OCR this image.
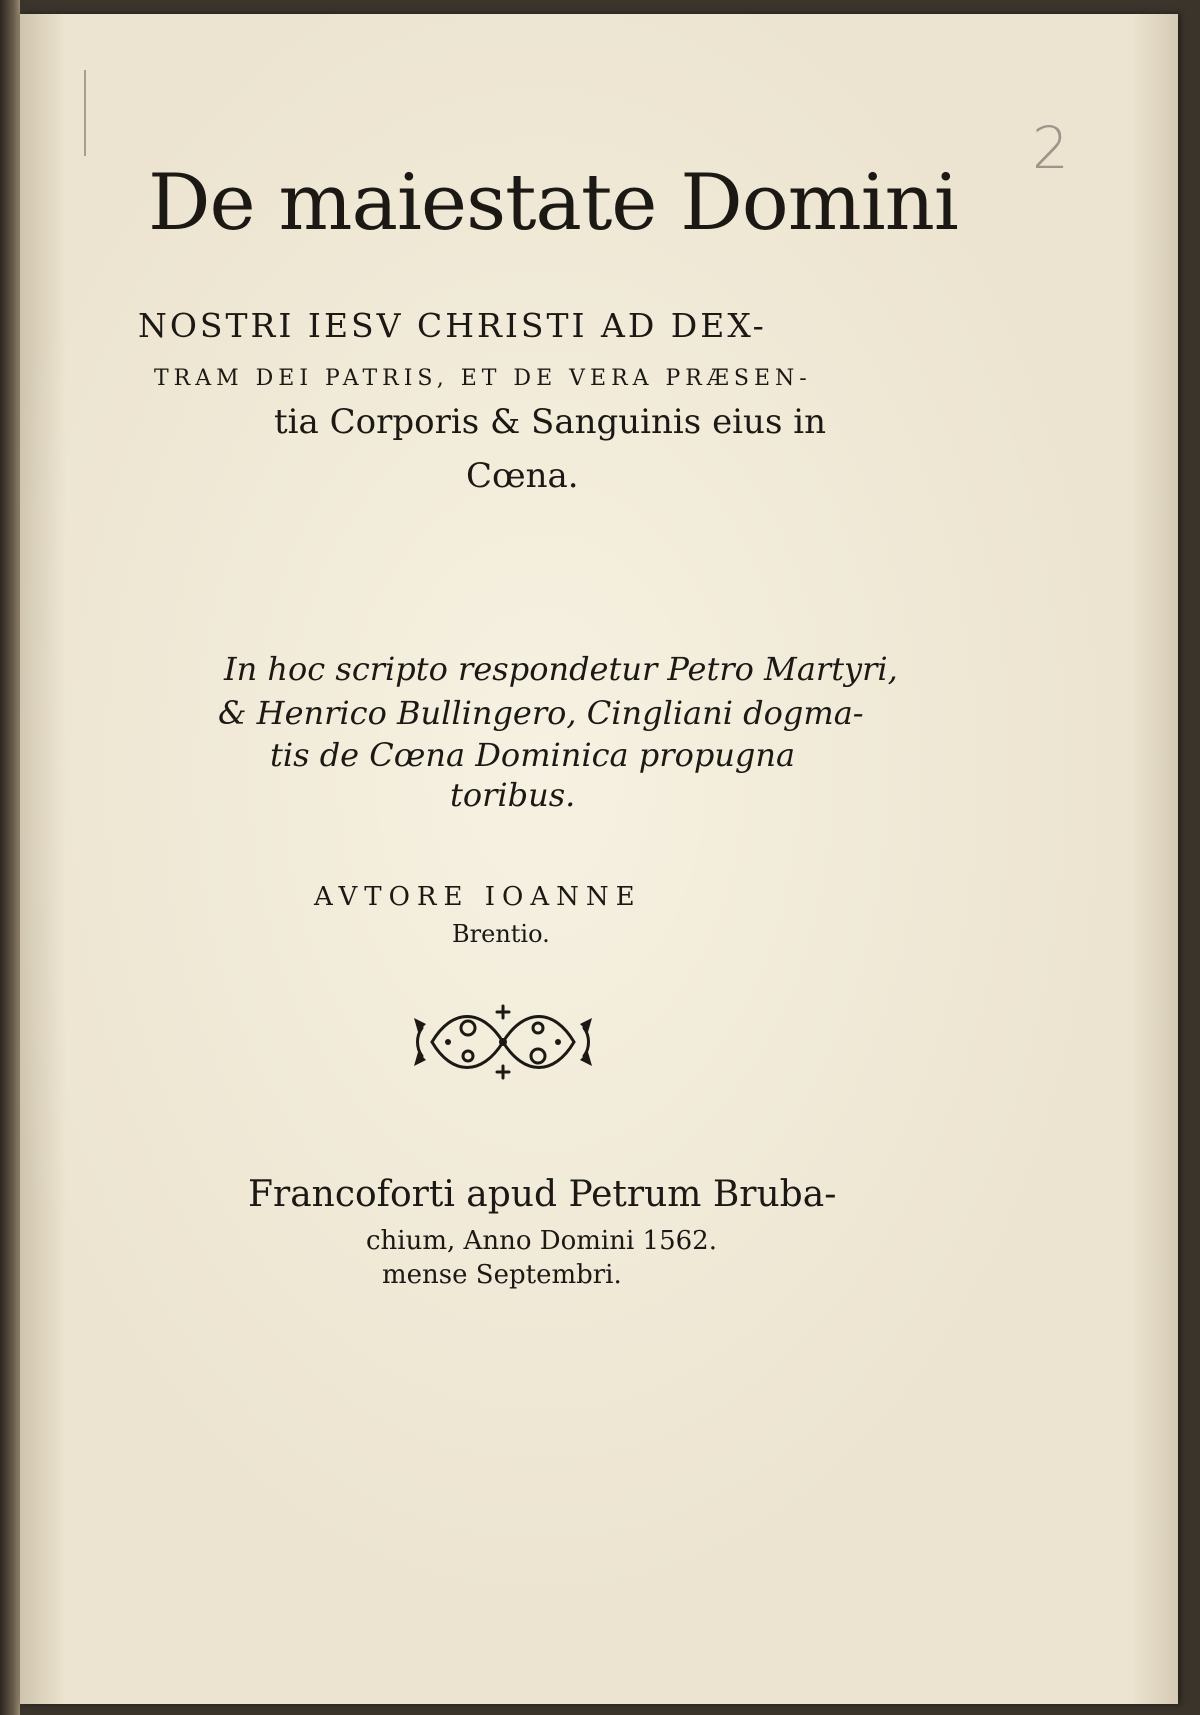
2
De maiestate Domini
NOSTRI IESV CHRISTI AD DEX-
TRAM DEI PATRIS, ET DE VERA PRÆSEN-
tia Corporis & Sanguinis eius in
Cœna.
In hoc scripto respondetur Petro Martyri,
& Henrico Bullingero, Cingliani dogma-
tis de Cœna Dominica propugna
toribus.
AVTORE IOANNE
Brentio.
Francoforti apud Petrum Bruba-
chium, Anno Domini 1562.
mense Septembri.
